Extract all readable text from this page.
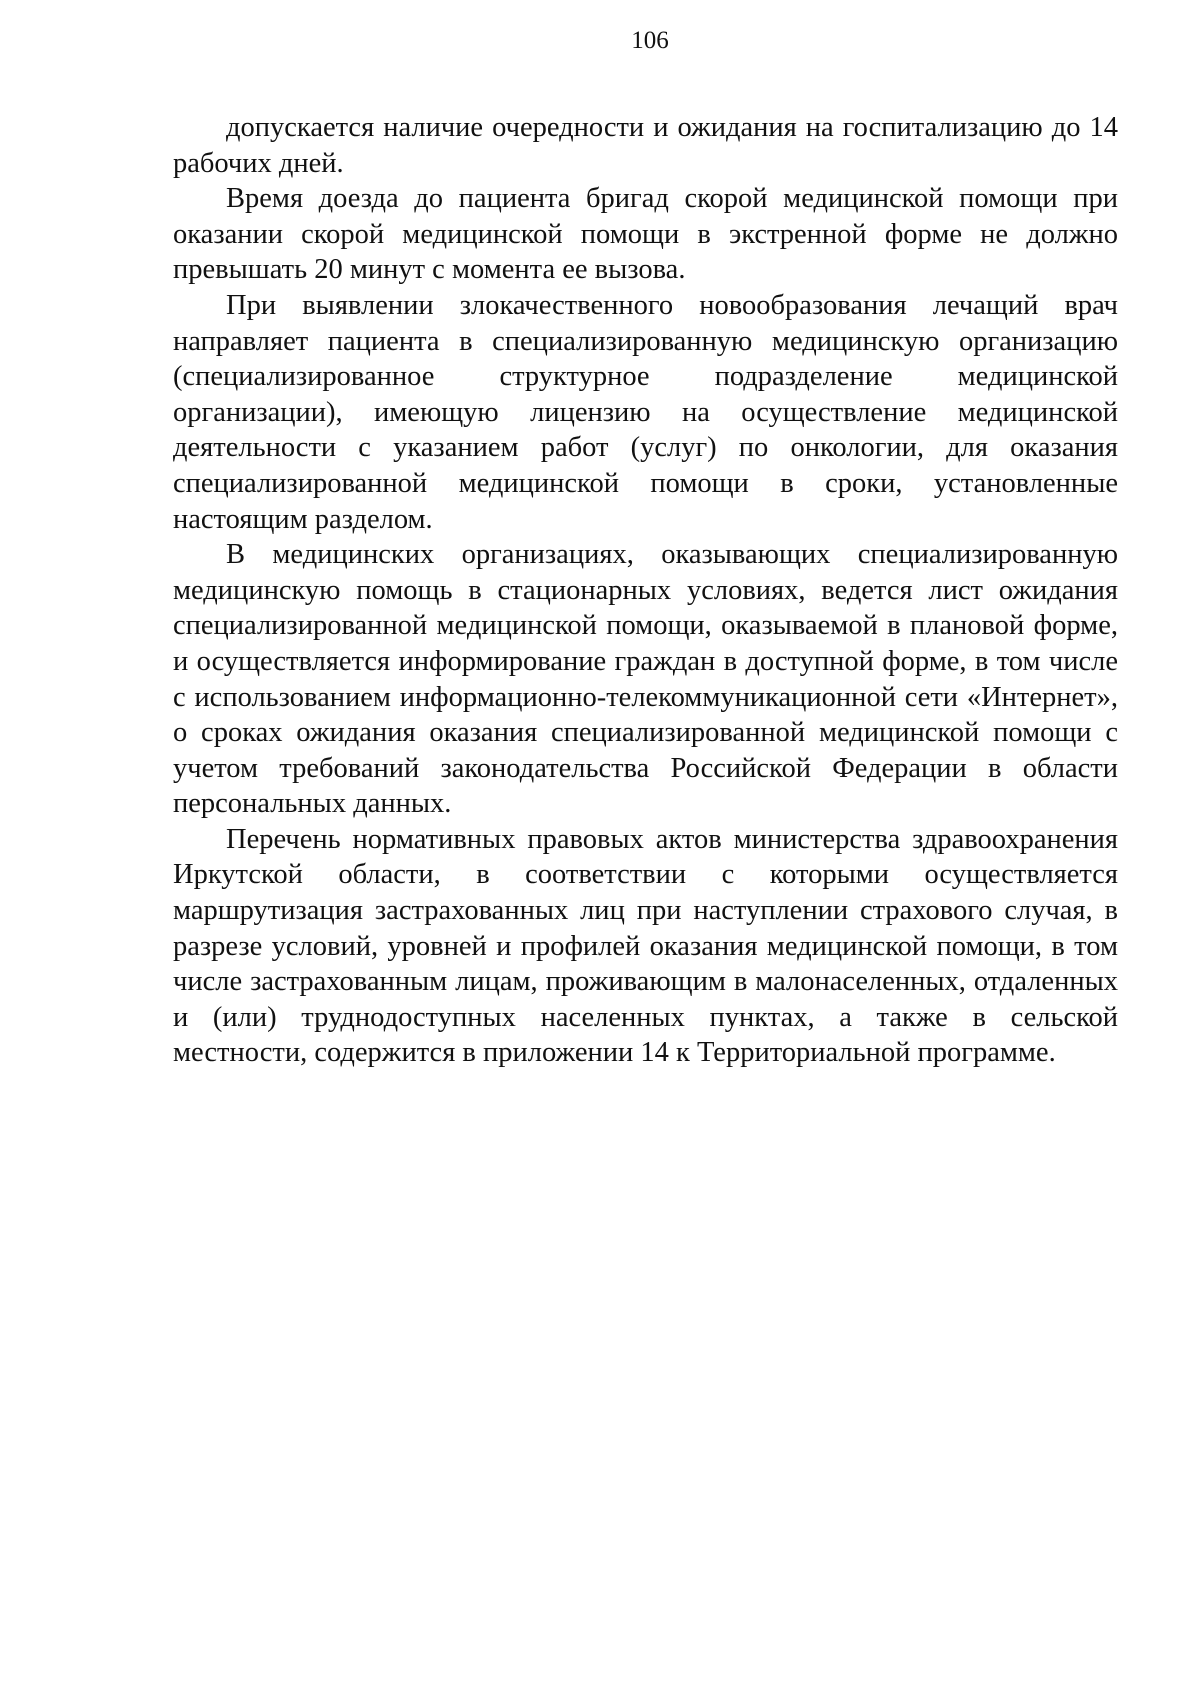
106

допускается наличие очередности и ожидания на госпитализацию до 14 рабочих дней.

Время доезда до пациента бригад скорой медицинской помощи при оказании скорой медицинской помощи в экстренной форме не должно превышать 20 минут с момента ее вызова.

При выявлении злокачественного новообразования лечащий врач направляет пациента в специализированную медицинскую организацию (специализированное структурное подразделение медицинской организации), имеющую лицензию на осуществление медицинской деятельности с указанием работ (услуг) по онкологии, для оказания специализированной медицинской помощи в сроки, установленные настоящим разделом.

В медицинских организациях, оказывающих специализированную медицинскую помощь в стационарных условиях, ведется лист ожидания специализированной медицинской помощи, оказываемой в плановой форме, и осуществляется информирование граждан в доступной форме, в том числе с использованием информационно-телекоммуникационной сети «Интернет», о сроках ожидания оказания специализированной медицинской помощи с учетом требований законодательства Российской Федерации в области персональных данных.

Перечень нормативных правовых актов министерства здравоохранения Иркутской области, в соответствии с которыми осуществляется маршрутизация застрахованных лиц при наступлении страхового случая, в разрезе условий, уровней и профилей оказания медицинской помощи, в том числе застрахованным лицам, проживающим в малонаселенных, отдаленных и (или) труднодоступных населенных пунктах, а также в сельской местности, содержится в приложении 14 к Территориальной программе.
